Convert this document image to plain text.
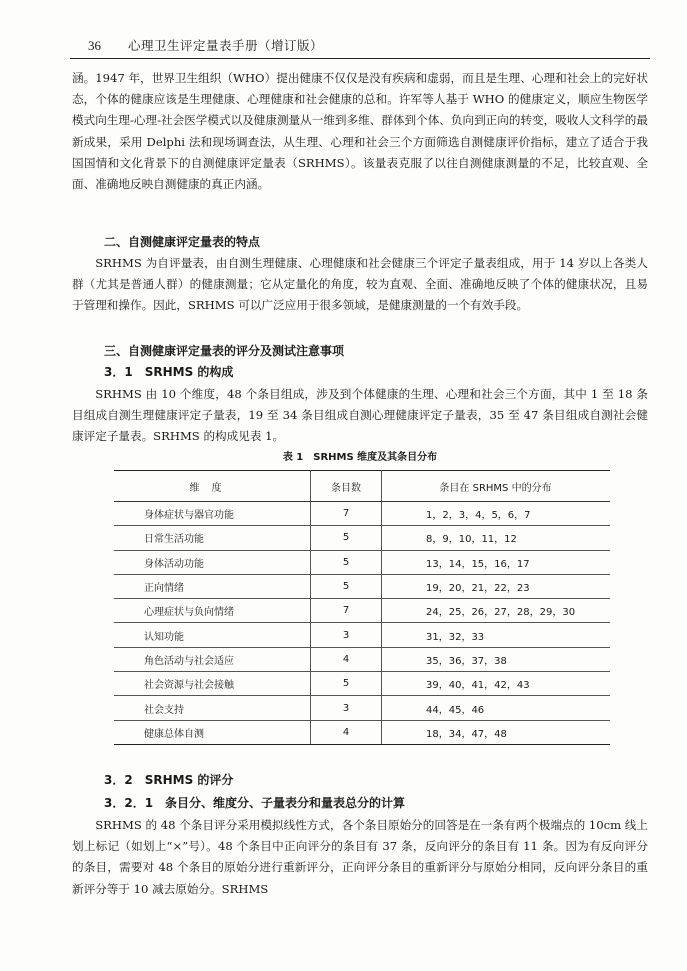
36 心理卫生评定量表手册（增订版）

涵。1947 年，世界卫生组织（WHO）提出健康不仅仅是没有疾病和虚弱，而且是生理、心理和社会上的完好状态，个体的健康应该是生理健康、心理健康和社会健康的总和。许军等人基于 WHO 的健康定义，顺应生物医学模式向生理-心理-社会医学模式以及健康测量从一维到多维、群体到个体、负向到正向的转变，吸收人文科学的最新成果，采用 Delphi 法和现场调查法，从生理、心理和社会三个方面筛选自测健康评价指标，建立了适合于我国国情和文化背景下的自测健康评定量表（SRHMS）。该量表克服了以往自测健康测量的不足，比较直观、全面、准确地反映自测健康的真正内涵。

二、自测健康评定量表的特点

SRHMS 为自评量表，由自测生理健康、心理健康和社会健康三个评定子量表组成，用于 14 岁以上各类人群（尤其是普通人群）的健康测量；它从定量化的角度，较为直观、全面、准确地反映了个体的健康状况，且易于管理和操作。因此，SRHMS 可以广泛应用于很多领域，是健康测量的一个有效手段。

三、自测健康评定量表的评分及测试注意事项
3．1　SRHMS 的构成

SRHMS 由 10 个维度，48 个条目组成，涉及到个体健康的生理、心理和社会三个方面，其中 1 至 18 条目组成自测生理健康评定子量表，19 至 34 条目组成自测心理健康评定子量表，35 至 47 条目组成自测社会健康评定子量表。SRHMS 的构成见表 1。

表 1　SRHMS 维度及其条目分布
维度	条目数	条目在 SRHMS 中的分布
身体症状与器官功能	7	1，2，3，4，5，6，7
日常生活功能	5	8，9，10，11，12
身体活动功能	5	13，14，15，16，17
正向情绪	5	19，20，21，22，23
心理症状与负向情绪	7	24，25，26，27，28，29，30
认知功能	3	31，32，33
角色活动与社会适应	4	35，36，37，38
社会资源与社会接触	5	39，40，41，42，43
社会支持	3	44，45，46
健康总体自测	4	18，34，47，48
3．2　SRHMS 的评分
3．2．1　条目分、维度分、子量表分和量表总分的计算

SRHMS 的 48 个条目评分采用模拟线性方式，各个条目原始分的回答是在一条有两个极端点的 10cm 线上划上标记（如划上“×”号）。48 个条目中正向评分的条目有 37 条，反向评分的条目有 11 条。因为有反向评分的条目，需要对 48 个条目的原始分进行重新评分，正向评分条目的重新评分与原始分相同，反向评分条目的重新评分等于 10 减去原始分。SRHMS
